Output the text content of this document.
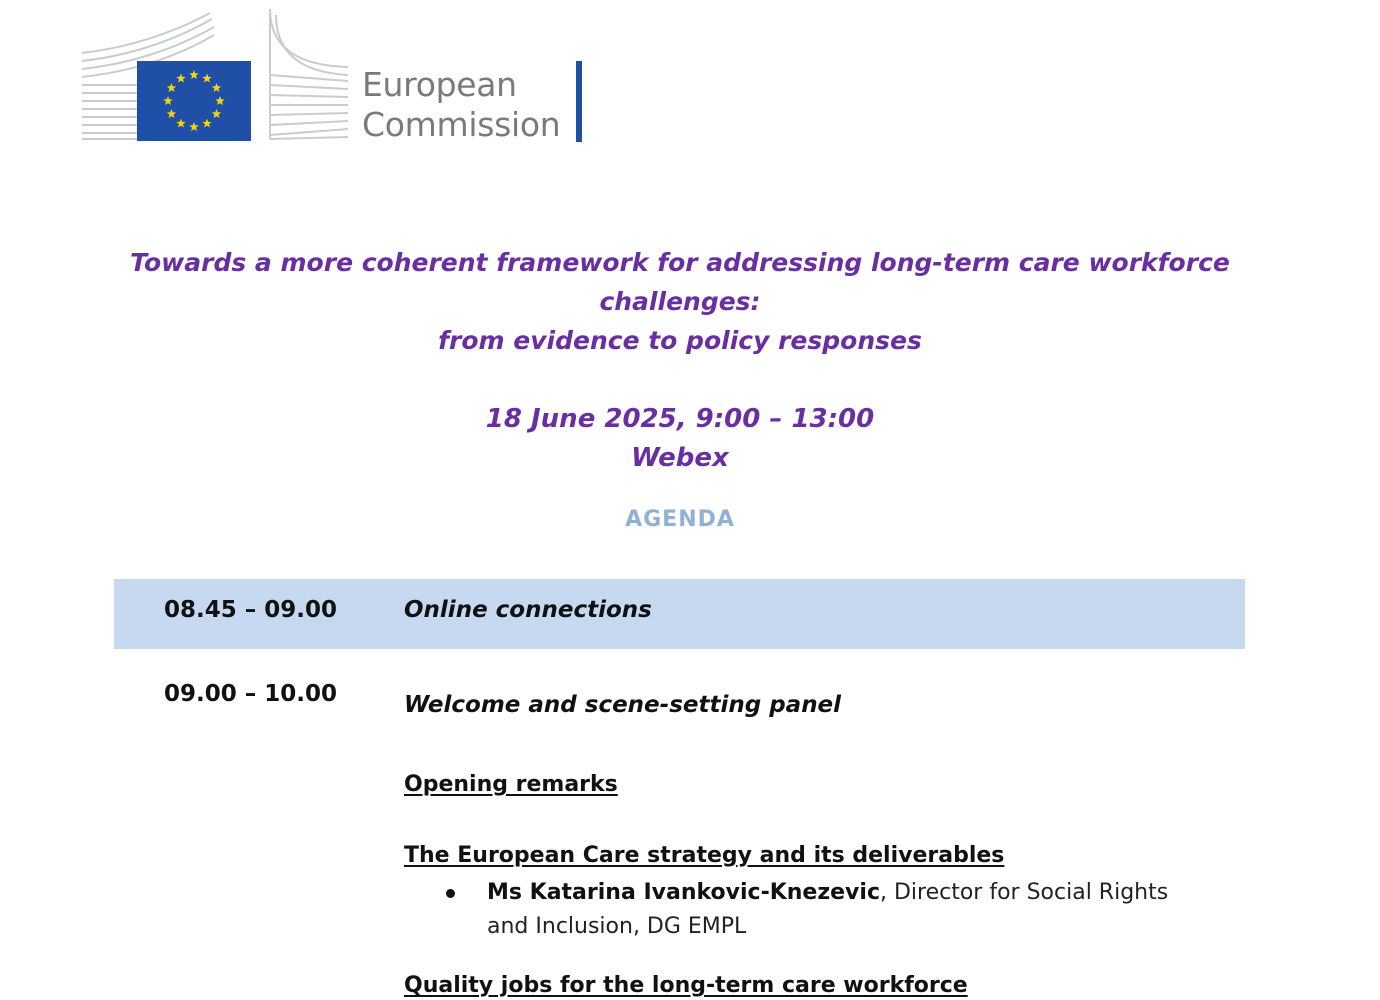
European
Commission
Towards a more coherent framework for addressing long-term care workforce
challenges:
from evidence to policy responses
18 June 2025, 9:00 – 13:00
Webex
AGENDA
08.45 – 09.00	Online connections
09.00 – 10.00	Welcome and scene-setting panel
Opening remarks
The European Care strategy and its deliverables
Ms Katarina Ivankovic-Knezevic, Director for Social Rights and Inclusion, DG EMPL
Quality jobs for the long-term care workforce
